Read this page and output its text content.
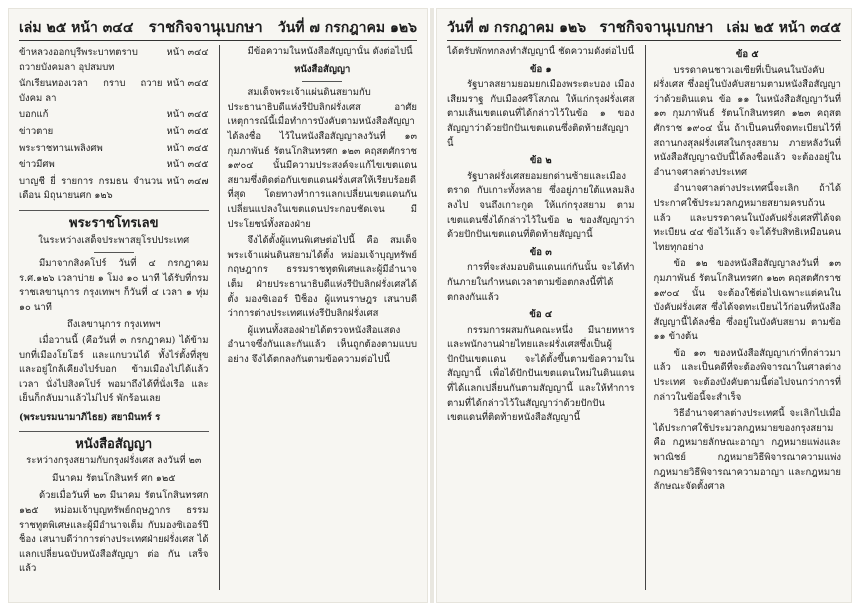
เล่ม ๒๕ หน้า ๓๔๔ ราชกิจจานุเบกษา วันที่ ๗ กรกฎาคม ๑๒๖
ข้าหลวงออกบุรีพระบาทตราบ ถวายบังคมลา อุปสมบท
หน้า ๓๔๔
นักเรียนทองเวลา กราบ ถวาย บังคม ลา
หน้า ๓๔๕
บอกแก้	หน้า ๓๔๕
ข่าวตาย	หน้า ๓๔๕
พระราชทานเพลิงศพ	หน้า ๓๔๕
ข่าวมีศพ	หน้า ๓๔๕
บาญชี ยี่ รายการ กรมธน จำนวน เดือน มิถุนายนศก ๑๒๖
หน้า ๓๔๗
พระราชโทรเลข
ในระหว่างเสด็จประพาสยุโรปประเทศ

มีมาจากสิงคโปร์ วันที่ ๔ กรกฎาคม ร.ศ.๑๒๖ เวลาบ่าย ๑ โมง ๑๐ นาที ได้รับที่กรมราชเลขานุการ กรุงเทพฯ ก็วันที่ ๔ เวลา ๑ ทุ่ม ๑๐ นาที

ถึงเลขานุการ กรุงเทพฯ

เมื่อวานนี้ (คือวันที่ ๓ กรกฎาคม) ได้ข้ามบกที่เมืองโยโฮร์ และแกบวนได้ ทั้งไร่ตั้งที่สุข และอยู่ใกล้เคียงไปร์บอก ข้ามเมืองไปได้แล้วเวลา นั่งไปสิงคโปร์ พอมาถึงได้ที่นั่งเรือ และเย็นก็กลับมาแล้วไม่ไปร์ พักร้อนเลย

(พระบรมนามาภิไธย) สยามินทร์ ร

หนังสือสัญญา
ระหว่างกรุงสยามกับกรุงฝรั่งเศส ลงวันที่ ๒๓
มีนาคม รัตนโกสินทร์ ศก ๑๒๕

ด้วยเมื่อวันที่ ๒๓ มีนาคม รัตนโกสินทรศก ๑๒๕ หม่อมเจ้าบุญทรัพย์กฤษฎากร ธรรมราชทูตพิเศษและผู้มีอำนาจเต็ม กับมองซิเออร์ปีช็อง เสนาบดีว่าการต่างประเทศฝ่ายฝรั่งเศส ได้แลกเปลี่ยนฉบับหนังสือสัญญา ต่อ กัน เสร็จ แล้ว

มีข้อความในหนังสือสัญญานั้น ดังต่อไปนี้

หนังสือสัญญา

สมเด็จพระเจ้าแผ่นดินสยามกับประธานาธิบดีแห่งรีปับลิกฝรั่งเศส อาศัยเหตุการณ์นี้เมื่อทำการบังคับตามหนังสือสัญญา ได้ลงชื่อ ไว้ในหนังสือสัญญาลงวันที่ ๑๓ กุมภาพันธ์ รัตนโกสินทรศก ๑๒๓ คฤสตศักราช ๑๙๐๔ นั้นมีความประสงค์จะแก้ไขเขตแดนสยามซึ่งติดต่อกับเขตแดนฝรั่งเศสให้เรียบร้อยดีที่สุด โดยทางทำการแลกเปลี่ยนเขตแดนกันเปลี่ยนแปลงในเขตแดนประกอบชัดเจน มีประโยชน์ทั้งสองฝ่าย

จึงได้ตั้งผู้แทนพิเศษต่อไปนี้ คือ สมเด็จพระเจ้าแผ่นดินสยามได้ตั้ง หม่อมเจ้าบุญทรัพย์กฤษฎากร ธรรมราชทูตพิเศษและผู้มีอำนาจเต็ม ฝ่ายประธานาธิบดีแห่งรีปับลิกฝรั่งเศสได้ตั้ง มองซิเออร์ ปีช็อง ผู้แทนราษฎร เสนาบดีว่าการต่างประเทศแห่งรีปับลิกฝรั่งเศส

ผู้แทนทั้งสองฝ่ายได้ตรวจหนังสือแสดงอำนาจซึ่งกันและกันแล้ว เห็นถูกต้องตามแบบอย่าง จึงได้ตกลงกันตามข้อความต่อไปนี้

วันที่ ๗ กรกฎาคม ๑๒๖ ราชกิจจานุเบกษา เล่ม ๒๕ หน้า ๓๔๕

ได้ตรับพักทกลงทำสัญญานี้ ชัดความดังต่อไปนี้

ข้อ ๑

รัฐบาลสยามยอมยกเมืองพระตะบอง เมืองเสียมราฐ กับเมืองศรีโสภณ ให้แก่กรุงฝรั่งเศส ตามเส้นเขตแดนที่ได้กล่าวไว้ในข้อ ๑ ของสัญญาว่าด้วยปักปันเขตแดนซึ่งติดท้ายสัญญานี้

ข้อ ๒

รัฐบาลฝรั่งเศสยอมยกด่านซ้ายและเมืองตราด กับเกาะทั้งหลาย ซึ่งอยู่ภายใต้แหลมลิงลงไป จนถึงเกาะกูด ให้แก่กรุงสยาม ตามเขตแดนซึ่งได้กล่าวไว้ในข้อ ๒ ของสัญญาว่าด้วยปักปันเขตแดนที่ติดท้ายสัญญานี้

ข้อ ๓

การที่จะส่งมอบดินแดนแก่กันนั้น จะได้ทำกันภายในกำหนดเวลาตามข้อตกลงนี้ที่ได้ตกลงกันแล้ว

ข้อ ๔

กรรมการผสมกันคณะหนึ่ง มีนายทหารและพนักงานฝ่ายไทยและฝรั่งเศสซึ่งเป็นผู้ปักปันเขตแดน จะได้ตั้งขึ้นตามข้อความในสัญญานี้ เพื่อได้ปักปันเขตแดนใหม่ในดินแดนที่ได้แลกเปลี่ยนกันตามสัญญานี้ และให้ทำการตามที่ได้กล่าวไว้ในสัญญาว่าด้วยปักปันเขตแดนที่ติดท้ายหนังสือสัญญานี้

ข้อ ๕

บรรดาคนชาวเอเซียที่เป็นคนในบังคับฝรั่งเศส ซึ่งอยู่ในบังคับสยามตามหนังสือสัญญาว่าด้วยดินแดน ข้อ ๑๑ ในหนังสือสัญญาวันที่ ๑๓ กุมภาพันธ์ รัตนโกสินทรศก ๑๒๓ คฤสตศักราช ๑๙๐๔ นั้น ถ้าเป็นคนที่จดทะเบียนไว้ที่สถานกงสุลฝรั่งเศสในกรุงสยาม ภายหลังวันที่หนังสือสัญญาฉบับนี้ได้ลงชื่อแล้ว จะต้องอยู่ในอำนาจศาลต่างประเทศ

อำนาจศาลต่างประเทศนี้จะเลิก ถ้าได้ประกาศใช้ประมวลกฎหมายสยามครบถ้วนแล้ว และบรรดาคนในบังคับฝรั่งเศสที่ได้จดทะเบียน ๔๔ ข้อไว้แล้ว จะได้รับสิทธิเหมือนคนไทยทุกอย่าง

ข้อ ๑๒ ของหนังสือสัญญาลงวันที่ ๑๓ กุมภาพันธ์ รัตนโกสินทรศก ๑๒๓ คฤสตศักราช ๑๙๐๔ นั้น จะต้องใช้ต่อไปเฉพาะแต่คนในบังคับฝรั่งเศส ซึ่งได้จดทะเบียนไว้ก่อนที่หนังสือสัญญานี้ได้ลงชื่อ ซึ่งอยู่ในบังคับสยาม ตามข้อ ๑๑ ข้างต้น

ข้อ ๑๓ ของหนังสือสัญญาเก่าที่กล่าวมาแล้ว และเป็นคดีที่จะต้องพิจารณาในศาลต่างประเทศ จะต้องบังคับตามนี้ต่อไปจนกว่าการที่กล่าวในข้อนี้จะสำเร็จ

วิธีอำนาจศาลต่างประเทศนี้ จะเลิกไปเมื่อได้ประกาศใช้ประมวลกฎหมายของกรุงสยาม คือ กฎหมายลักษณะอาญา กฎหมายแพ่งและพาณิชย์ กฎหมายวิธีพิจารณาความแพ่ง กฎหมายวิธีพิจารณาความอาญา และกฎหมายลักษณะจัดตั้งศาล
